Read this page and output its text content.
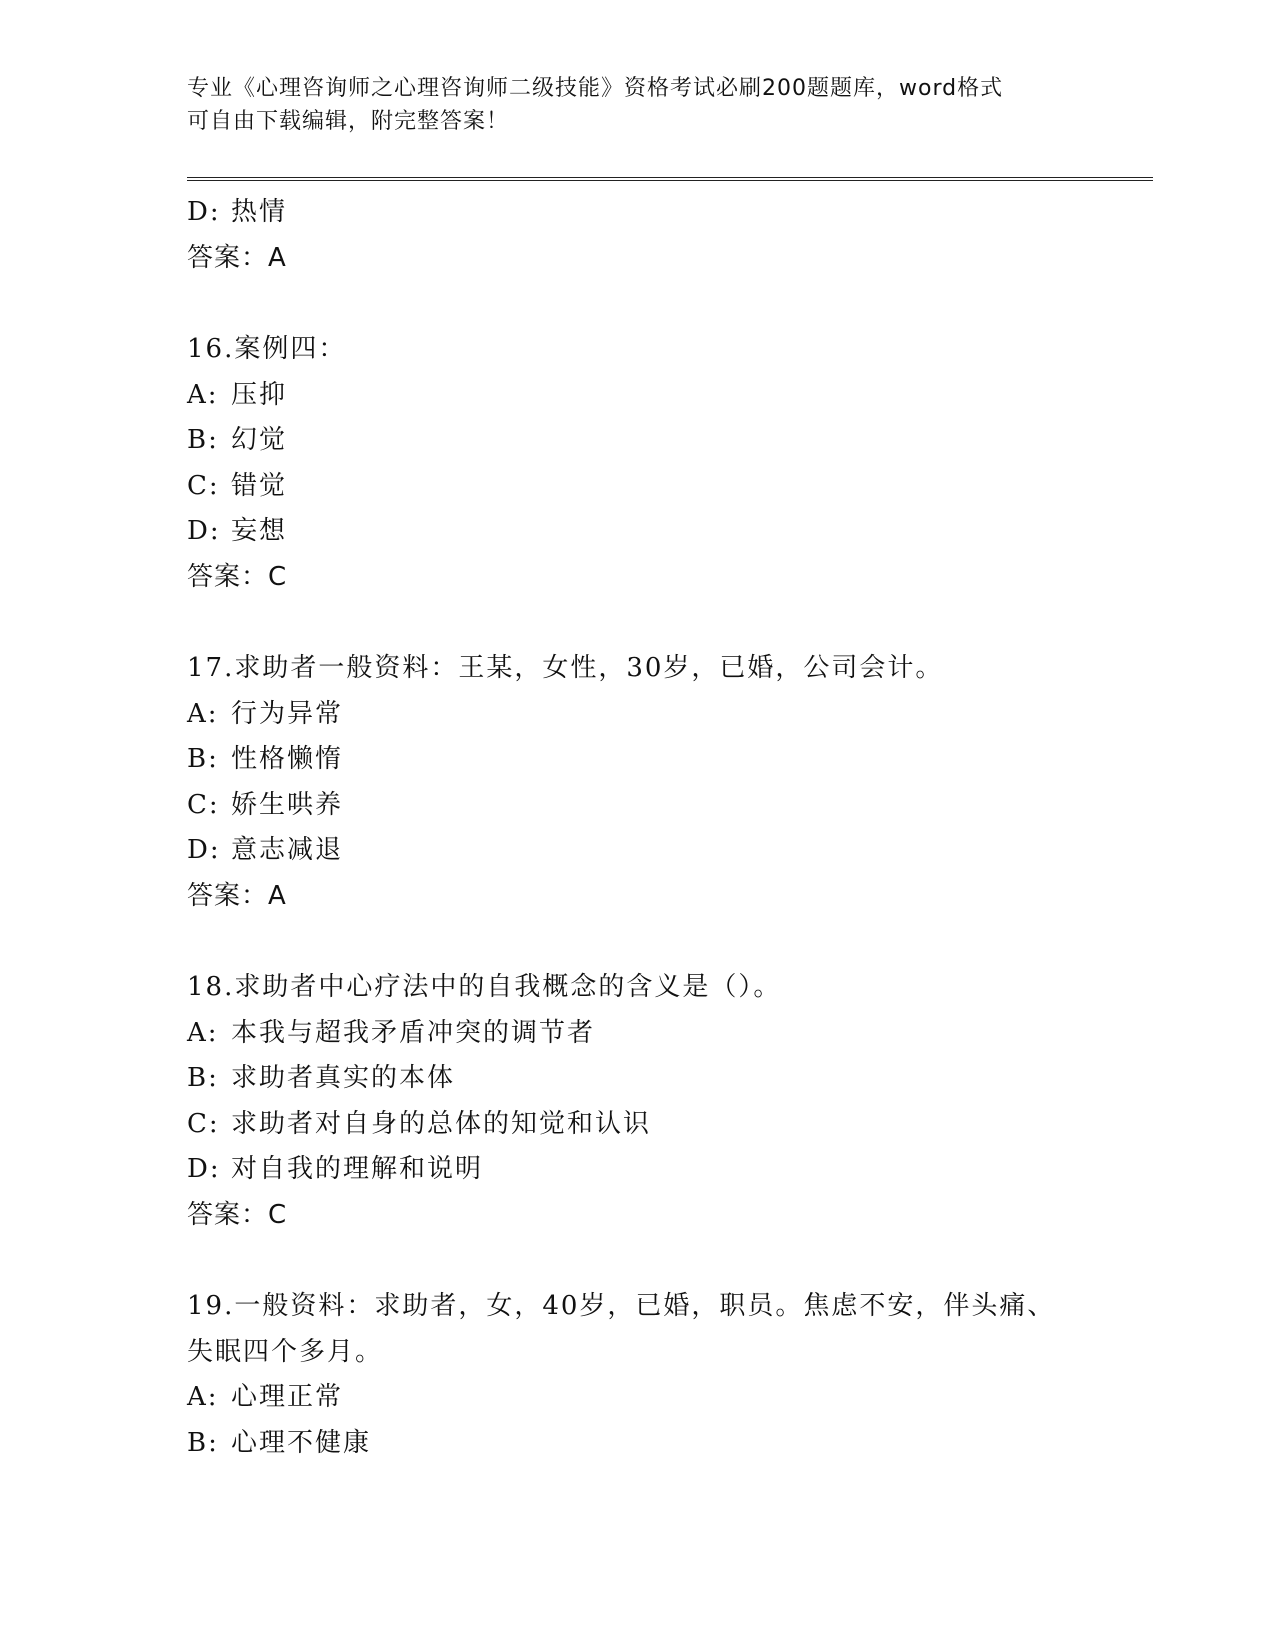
专业《心理咨询师之心理咨询师二级技能》资格考试必刷200题题库，word格式
可自由下载编辑，附完整答案！
D: 热情
答案：A
16.案例四：
A: 压抑
B: 幻觉
C: 错觉
D: 妄想
答案：C
17.求助者一般资料：王某，女性，30岁，已婚，公司会计。
A: 行为异常
B: 性格懒惰
C: 娇生哄养
D: 意志减退
答案：A
18.求助者中心疗法中的自我概念的含义是（）。
A: 本我与超我矛盾冲突的调节者
B: 求助者真实的本体
C: 求助者对自身的总体的知觉和认识
D: 对自我的理解和说明
答案：C
19.一般资料：求助者，女，40岁，已婚，职员。焦虑不安，伴头痛、
失眠四个多月。
A: 心理正常
B: 心理不健康
